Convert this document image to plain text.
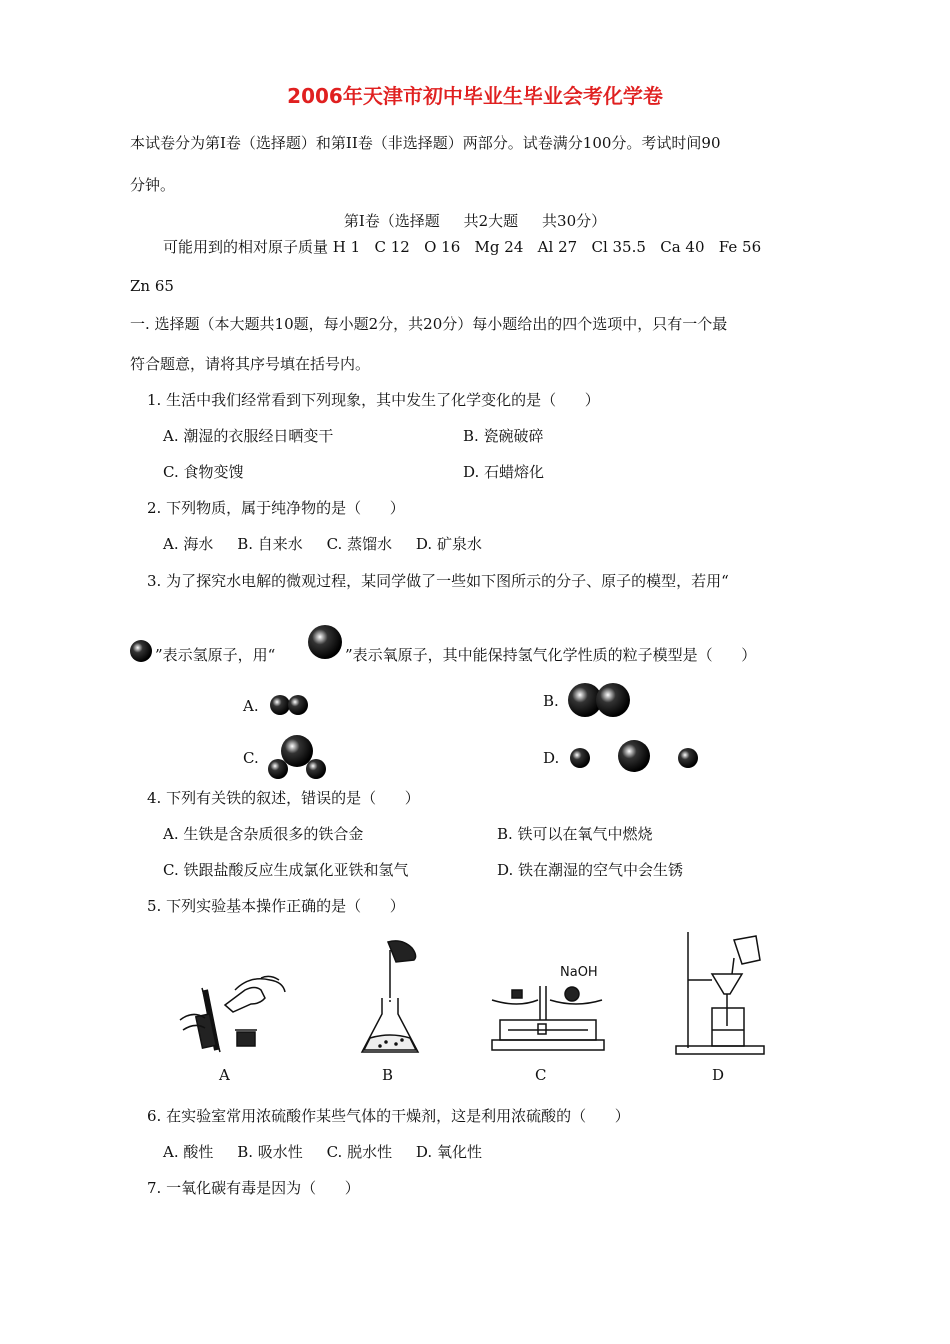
2006年天津市初中毕业生毕业会考化学卷
本试卷分为第Ⅰ卷（选择题）和第II卷（非选择题）两部分。试卷满分100分。考试时间90
分钟。
第Ⅰ卷（选择题     共2大题     共30分）
可能用到的相对原子质量 H 1   C 12   O 16   Mg 24   Al 27   Cl 35.5   Ca 40   Fe 56
Zn 65
一. 选择题（本大题共10题，每小题2分，共20分）每小题给出的四个选项中，只有一个最
符合题意，请将其序号填在括号内。
1. 生活中我们经常看到下列现象，其中发生了化学变化的是（      ）
A. 潮湿的衣服经日晒变干	B. 瓷碗破碎
C. 食物变馊	D. 石蜡熔化
2. 下列物质，属于纯净物的是（      ）
A. 海水     B. 自来水     C. 蒸馏水     D. 矿泉水
3. 为了探究水电解的微观过程，某同学做了一些如下图所示的分子、原子的模型，若用“
”表示氢原子，用“	”表示氧原子，其中能保持氢气化学性质的粒子模型是（      ）
A.	B.
C.	D.
4. 下列有关铁的叙述，错误的是（      ）
A. 生铁是含杂质很多的铁合金	B. 铁可以在氧气中燃烧
C. 铁跟盐酸反应生成氯化亚铁和氢气	D. 铁在潮湿的空气中会生锈
5. 下列实验基本操作正确的是（      ）
NaOH
A	B	C	D
6. 在实验室常用浓硫酸作某些气体的干燥剂，这是利用浓硫酸的（      ）
A. 酸性     B. 吸水性     C. 脱水性     D. 氧化性
7. 一氧化碳有毒是因为（      ）
